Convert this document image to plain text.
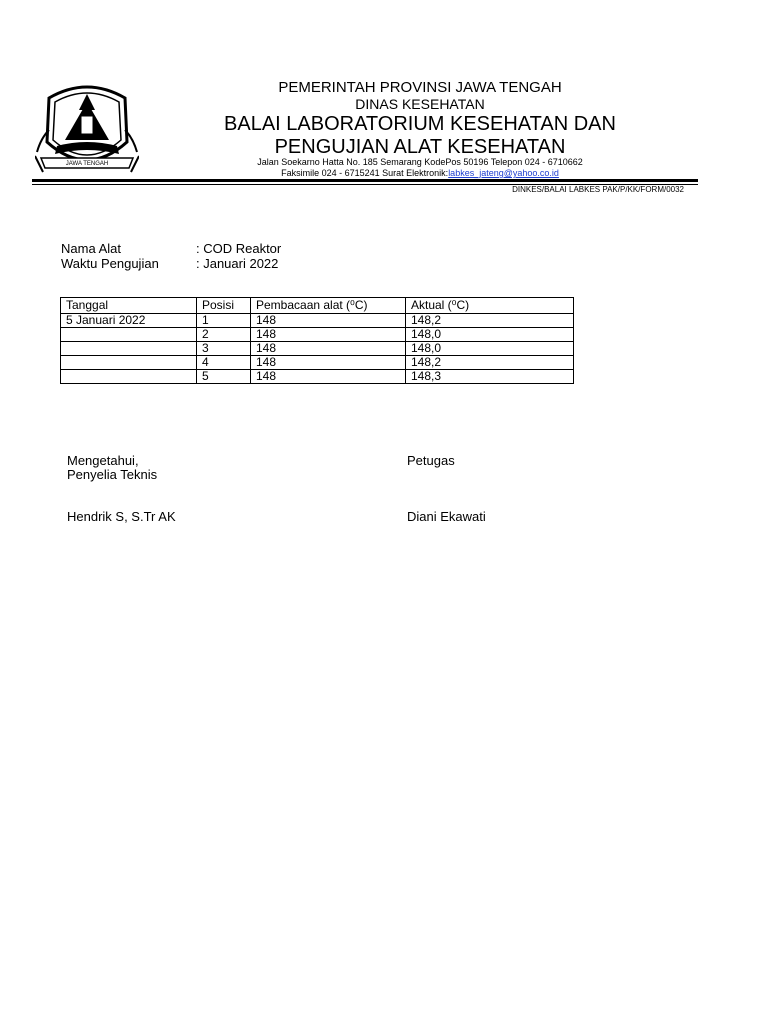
JAWA TENGAH
PEMERINTAH PROVINSI JAWA TENGAH
DINAS KESEHATAN
BALAI LABORATORIUM KESEHATAN DAN
PENGUJIAN ALAT KESEHATAN
Jalan Soekarno Hatta No. 185 Semarang KodePos 50196 Telepon 024 - 6710662
Faksimile 024 - 6715241 Surat Elektronik:labkes_jateng@yahoo.co.id
DINKES/BALAI LABKES PAK/P/KK/FORM/0032
Nama Alat	: COD Reaktor
Waktu Pengujian	: Januari 2022
Tanggal	Posisi	Pembacaan alat (⁰C)	Aktual (⁰C)
5 Januari 2022	1	148	148,2
	2	148	148,0
	3	148	148,0
	4	148	148,2
	5	148	148,3
Mengetahui,
Penyelia Teknis
Hendrik S, S.Tr AK
Petugas
Diani Ekawati
